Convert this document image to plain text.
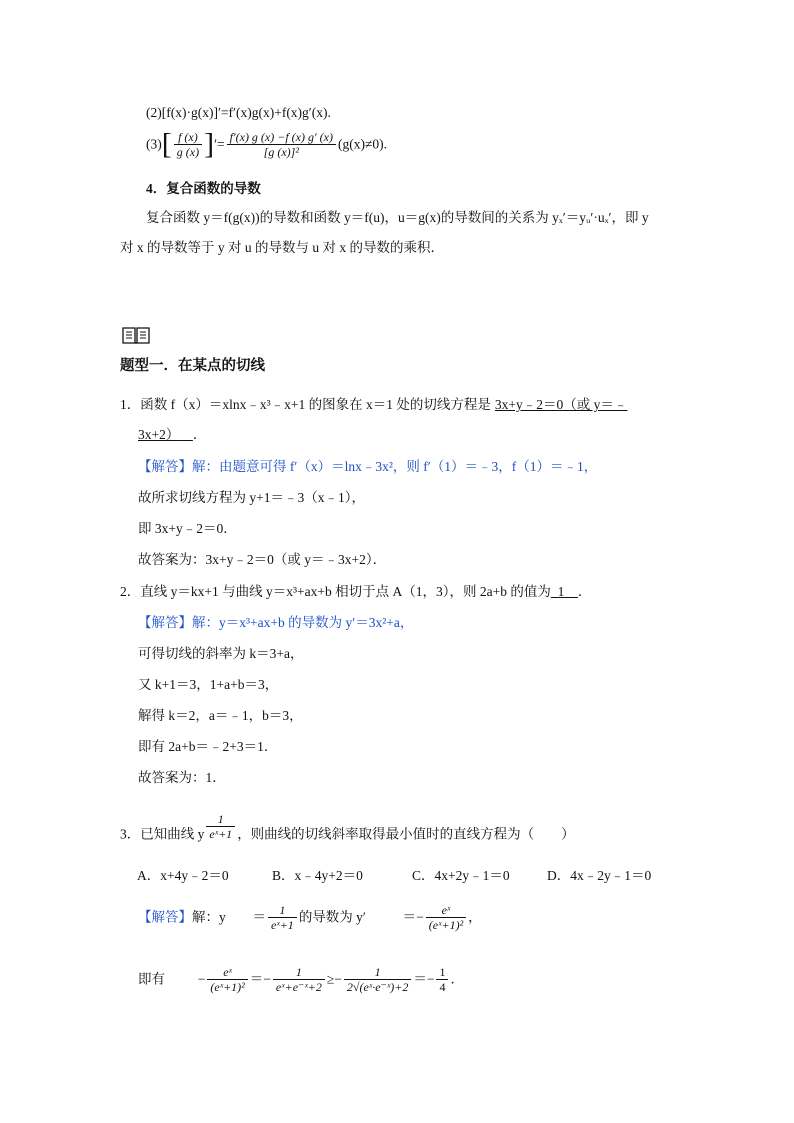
(2)[f(x)·g(x)]′=f′(x)g(x)+f(x)g′(x).
$(3)[ \frac{f (x)}{g (x)}$ ]′= $\frac{f'(x) g (x) -f (x) g' (x)}{\text{[g (x)]²}} (g(x)\ne 0)$.
4．复合函数的导数
复合函数 y＝f(g(x))的导数和函数 y＝f(u)，u＝g(x)的导数间的关系为 yₓ′＝yᵤ′·uₓ′，即 y
对 x 的导数等于 y 对 u 的导数与 u 对 x 的导数的乘积．
题型一．在某点的切线
1．函数 f（x）＝xlnx﹣x³﹣x+1 的图象在 x＝1 处的切线方程是 3x+y﹣2＝0（或 y＝﹣
3x+2）  ．
【解答】解：由题意可得 f′（x）＝lnx﹣3x²，则 f′（1）＝﹣3，f（1）＝﹣1，
故所求切线方程为 y+1＝﹣3（x﹣1），
即 3x+y﹣2＝0．
故答案为：3x+y﹣2＝0（或 y＝﹣3x+2）．
2．直线 y＝kx+1 与曲线 y＝x³+ax+b 相切于点 A（1，3），则 2a+b 的值为  1  ．
【解答】解：y＝x³+ax+b 的导数为 y′＝3x²+a，
可得切线的斜率为 k＝3+a，
又 k+1＝3，1+a+b＝3，
解得 k＝2，a＝﹣1，b＝3，
即有 2a+b＝﹣2+3＝1．
故答案为：1．
3．已知曲线 y $\frac{1}{\text{eˣ+1}}$ ，则曲线的切线斜率取得最小值时的直线方程为（　　）
A．x+4y﹣2＝0	B．x﹣4y+2＝0	C．4x+2y﹣1＝0	D．4x﹣2y﹣1＝0
【解答】解：$y = \frac{1}{\text{eˣ+1}}$ 的导数为 y′	＝− $\frac{\text{eˣ}}{\text{(eˣ+1)²}}$ ，
即有 − $\frac{\text{eˣ}}{\text{(eˣ+1)²}} =- \frac{1}{\text{eˣ+e⁻ˣ+2}} \ge- \frac{1}{\text{2√(eˣ·e⁻ˣ)+2}} =- \frac{1}{4}$ ．
